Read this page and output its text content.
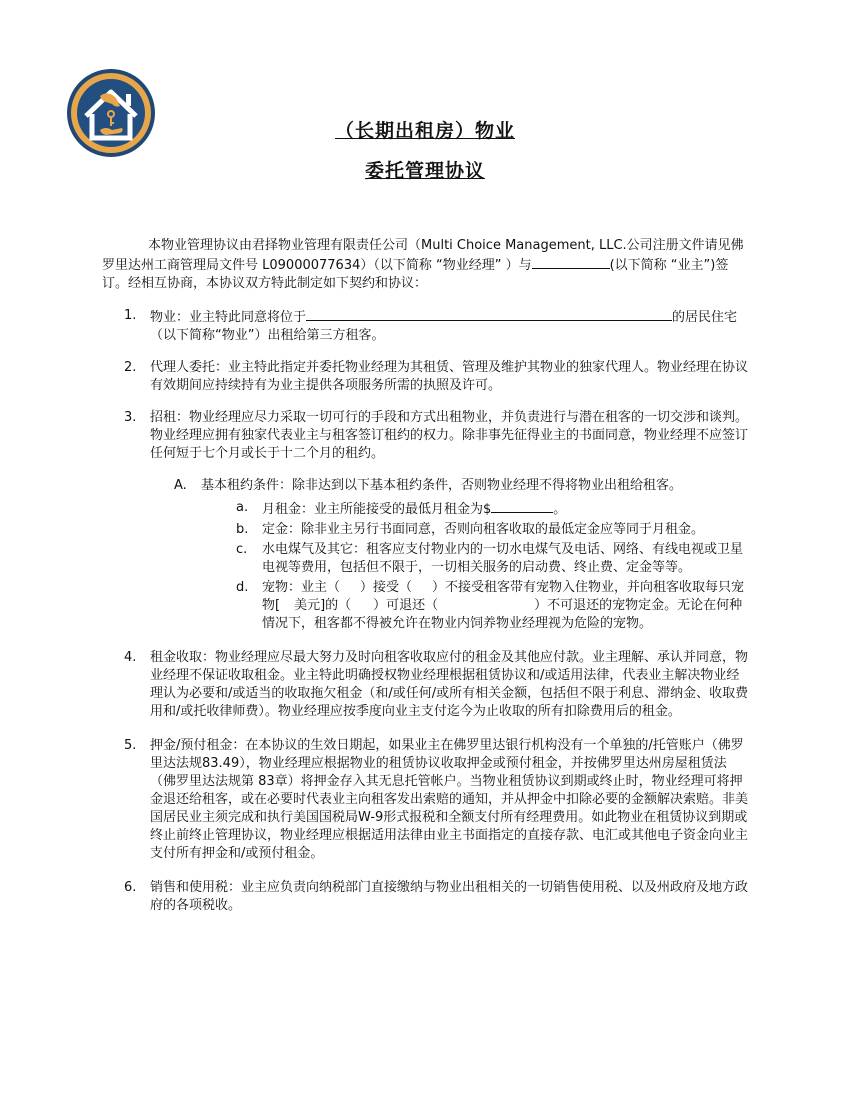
（长期出租房）物业

委托管理协议

本物业管理协议由君择物业管理有限责任公司（Multi Choice Management, LLC.公司注册文件请见佛罗里达州工商管理局文件号 L09000077634）（以下简称 “物业经理” ）与	(以下简称 “业主”)签订。经相互协商，本协议双方特此制定如下契约和协议：

1. 物业：业主特此同意将位于	的居民住宅（以下简称“物业”）出租给第三方租客。

2. 代理人委托：业主特此指定并委托物业经理为其租赁、管理及维护其物业的独家代理人。物业经理在协议有效期间应持续持有为业主提供各项服务所需的执照及许可。

3. 招租：物业经理应尽力采取一切可行的手段和方式出租物业，并负责进行与潜在租客的一切交涉和谈判。物业经理应拥有独家代表业主与租客签订租约的权力。除非事先征得业主的书面同意，物业经理不应签订任何短于七个月或长于十二个月的租约。

A. 基本租约条件：除非达到以下基本租约条件，否则物业经理不得将物业出租给租客。

a. 月租金：业主所能接受的最低月租金为$	。

b. 定金：除非业主另行书面同意，否则向租客收取的最低定金应等同于月租金。

c. 水电煤气及其它：租客应支付物业内的一切水电煤气及电话、网络、有线电视或卫星电视等费用，包括但不限于，一切相关服务的启动费、终止费、定金等等。

d. 宠物：业主（ ）接受（ ）不接受租客带有宠物入住物业，并向租客收取每只宠物[ 美元]的（ ）可退还（	）不可退还的宠物定金。无论在何种情况下，租客都不得被允许在物业内饲养物业经理视为危险的宠物。

4. 租金收取：物业经理应尽最大努力及时向租客收取应付的租金及其他应付款。业主理解、承认并同意，物业经理不保证收取租金。业主特此明确授权物业经理根据租赁协议和/或适用法律，代表业主解决物业经理认为必要和/或适当的收取拖欠租金（和/或任何/或所有相关金额，包括但不限于利息、滞纳金、收取费用和/或托收律师费）。物业经理应按季度向业主支付迄今为止收取的所有扣除费用后的租金。

5. 押金/预付租金：在本协议的生效日期起，如果业主在佛罗里达银行机构没有一个单独的/托管账户（佛罗里达法规83.49），物业经理应根据物业的租赁协议收取押金或预付租金，并按佛罗里达州房屋租赁法（佛罗里达法规第 83章）将押金存入其无息托管帐户。当物业租赁协议到期或终止时，物业经理可将押金退还给租客，或在必要时代表业主向租客发出索赔的通知，并从押金中扣除必要的金额解决索赔。非美国居民业主须完成和执行美国国税局W-9形式报税和全额支付所有经理费用。如此物业在租赁协议到期或终止前终止管理协议，物业经理应根据适用法律由业主书面指定的直接存款、电汇或其他电子资金向业主支付所有押金和/或预付租金。

6. 销售和使用税：业主应负责向纳税部门直接缴纳与物业出租相关的一切销售使用税、以及州政府及地方政府的各项税收。
